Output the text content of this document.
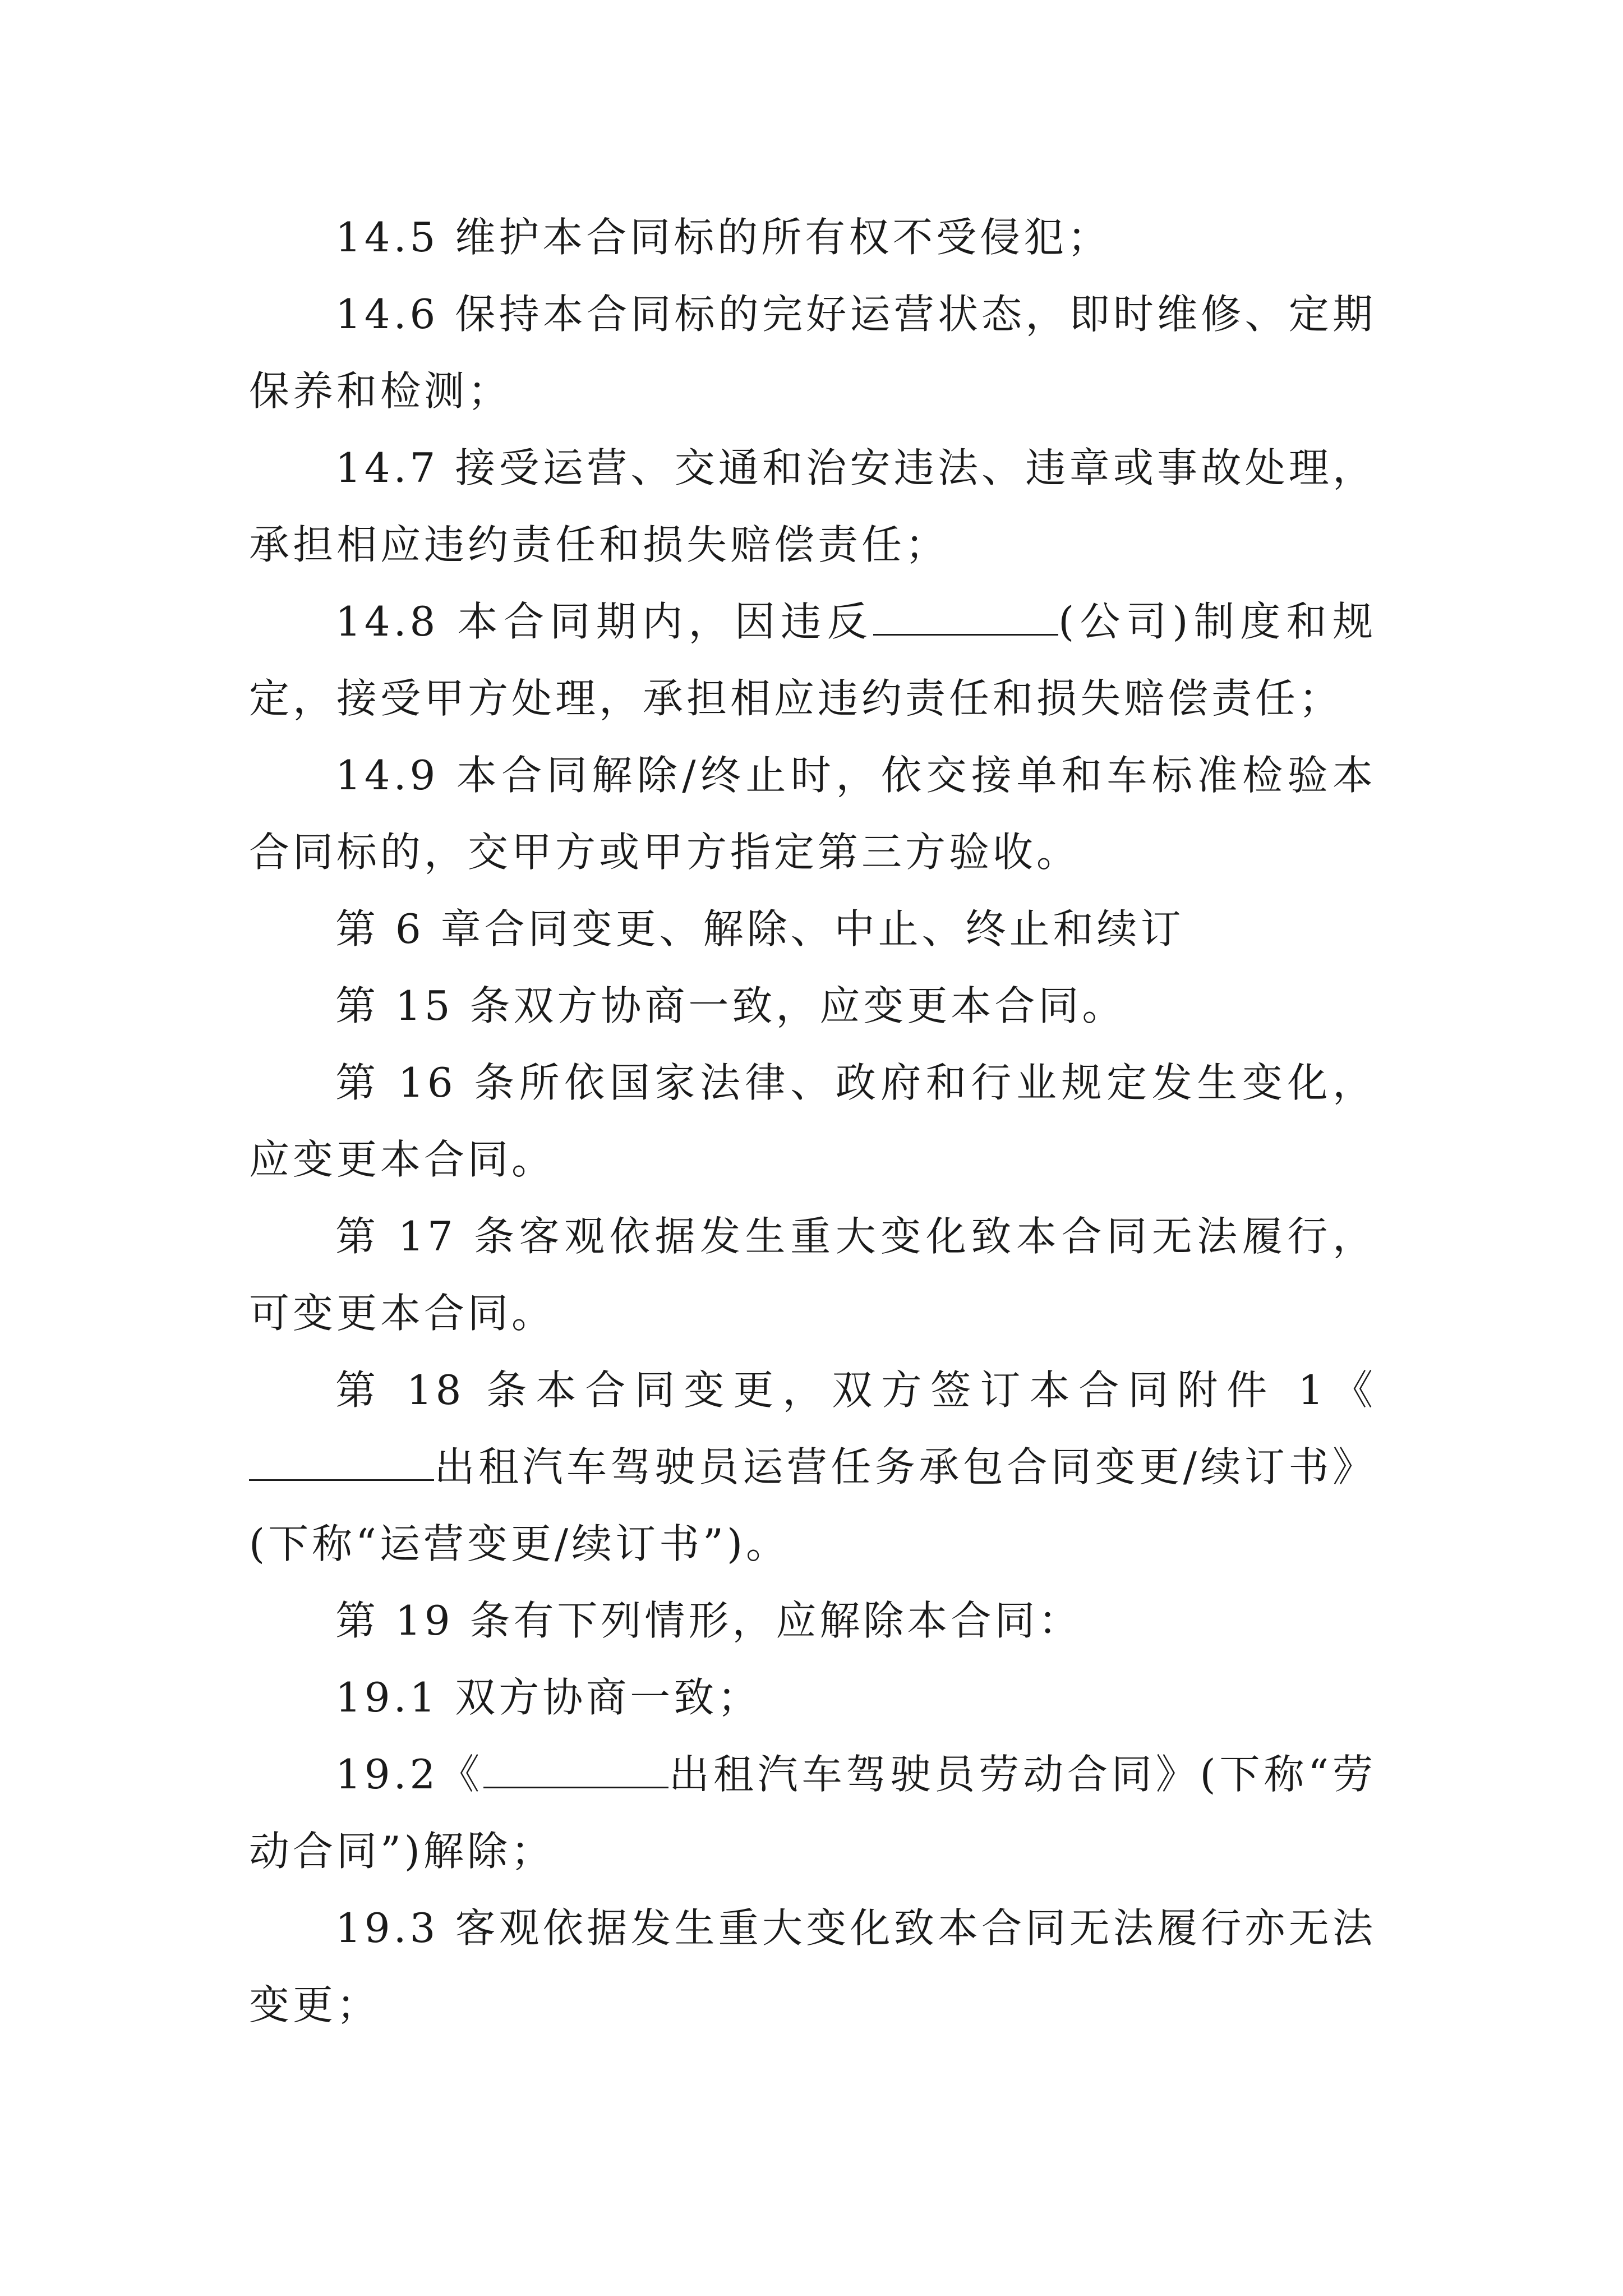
14.5 维护本合同标的所有权不受侵犯；

14.6 保持本合同标的完好运营状态，即时维修、定期保养和检测；

14.7 接受运营、交通和治安违法、违章或事故处理，承担相应违约责任和损失赔偿责任；

14.8 本合同期内，因违反	(公司)制度和规定，接受甲方处理，承担相应违约责任和损失赔偿责任；

14.9 本合同解除/终止时，依交接单和车标准检验本合同标的，交甲方或甲方指定第三方验收。

第 6 章合同变更、解除、中止、终止和续订

第 15 条双方协商一致，应变更本合同。

第 16 条所依国家法律、政府和行业规定发生变化，应变更本合同。

第 17 条客观依据发生重大变化致本合同无法履行，可变更本合同。

第 18 条本合同变更，双方签订本合同附件 1《出租汽车驾驶员运营任务承包合同变更/续订书》(下称“运营变更/续订书”)。

第 19 条有下列情形，应解除本合同：

19.1 双方协商一致；

19.2《	出租汽车驾驶员劳动合同》(下称“劳动合同”)解除；

19.3 客观依据发生重大变化致本合同无法履行亦无法变更；
